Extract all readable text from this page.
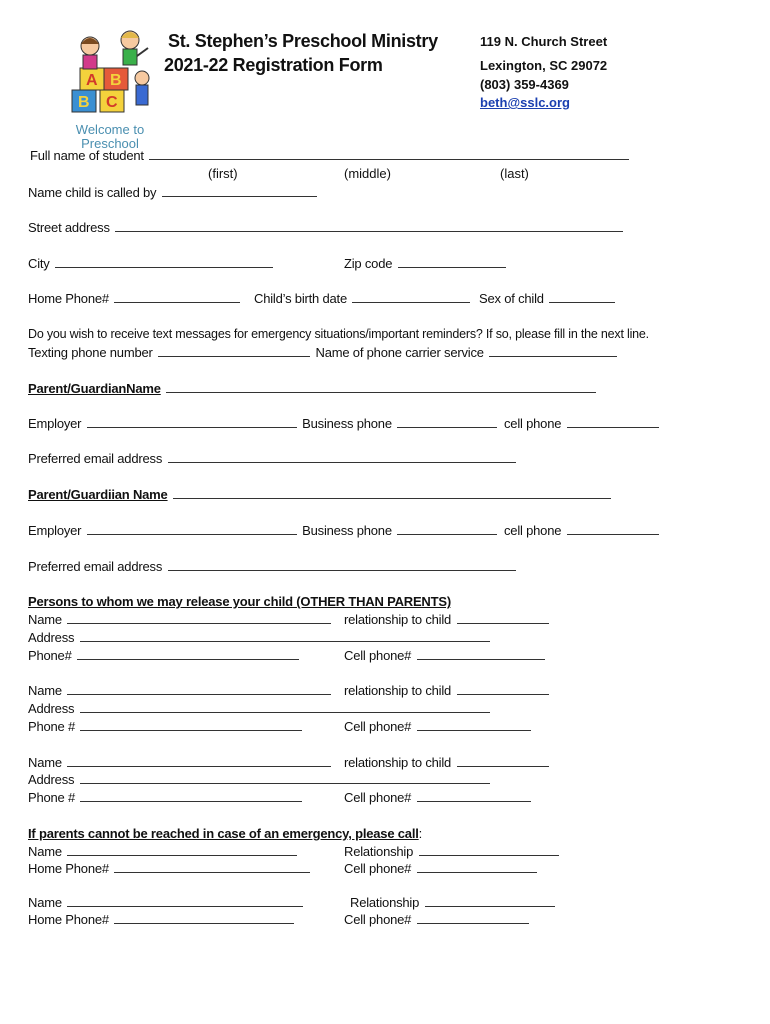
A B
B C
Welcome to
Preschool
St. Stephen’s Preschool Ministry
2021-22 Registration Form
119 N. Church Street
Lexington, SC 29072
(803) 359-4369
beth@sslc.org
Full name of student
(first)	(middle)	(last)
Name child is called by
Street address
City	Zip code
Home Phone#	Child’s birth date	Sex of child
Do you wish to receive text messages for emergency situations/important reminders? If so, please fill in the next line.
Texting phone number	Name of phone carrier service
Parent/GuardianName
Employer	Business phone	cell phone
Preferred email address
Parent/Guardiian Name
Employer	Business phone	cell phone
Preferred email address
Persons to whom we may release your child (OTHER THAN PARENTS)
Name	relationship to child
Address
Phone#	Cell phone#
Name	relationship to child
Address
Phone #	Cell phone#
Name	relationship to child
Address
Phone #	Cell phone#
If parents cannot be reached in case of an emergency, please call:
Name	Relationship
Home Phone#	Cell phone#
Name	Relationship
Home Phone#	Cell phone#
